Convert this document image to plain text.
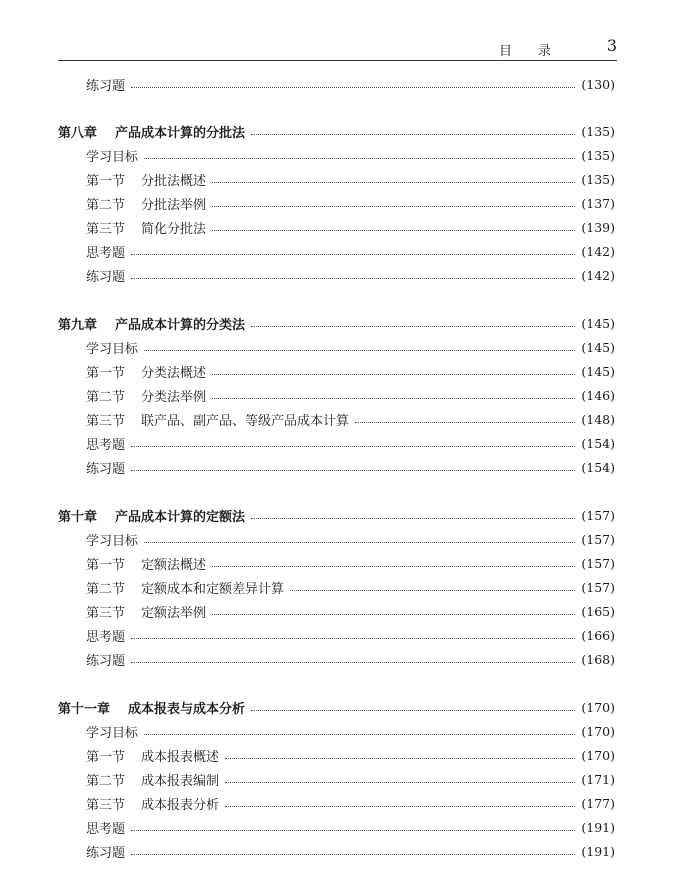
目录 3
练习题	(130)
第八章 产品成本计算的分批法	(135)
学习目标	(135)
第一节 分批法概述	(135)
第二节 分批法举例	(137)
第三节 简化分批法	(139)
思考题	(142)
练习题	(142)
第九章 产品成本计算的分类法	(145)
学习目标	(145)
第一节 分类法概述	(145)
第二节 分类法举例	(146)
第三节 联产品、副产品、等级产品成本计算	(148)
思考题	(154)
练习题	(154)
第十章 产品成本计算的定额法	(157)
学习目标	(157)
第一节 定额法概述	(157)
第二节 定额成本和定额差异计算	(157)
第三节 定额法举例	(165)
思考题	(166)
练习题	(168)
第十一章 成本报表与成本分析	(170)
学习目标	(170)
第一节 成本报表概述	(170)
第二节 成本报表编制	(171)
第三节 成本报表分析	(177)
思考题	(191)
练习题	(191)
